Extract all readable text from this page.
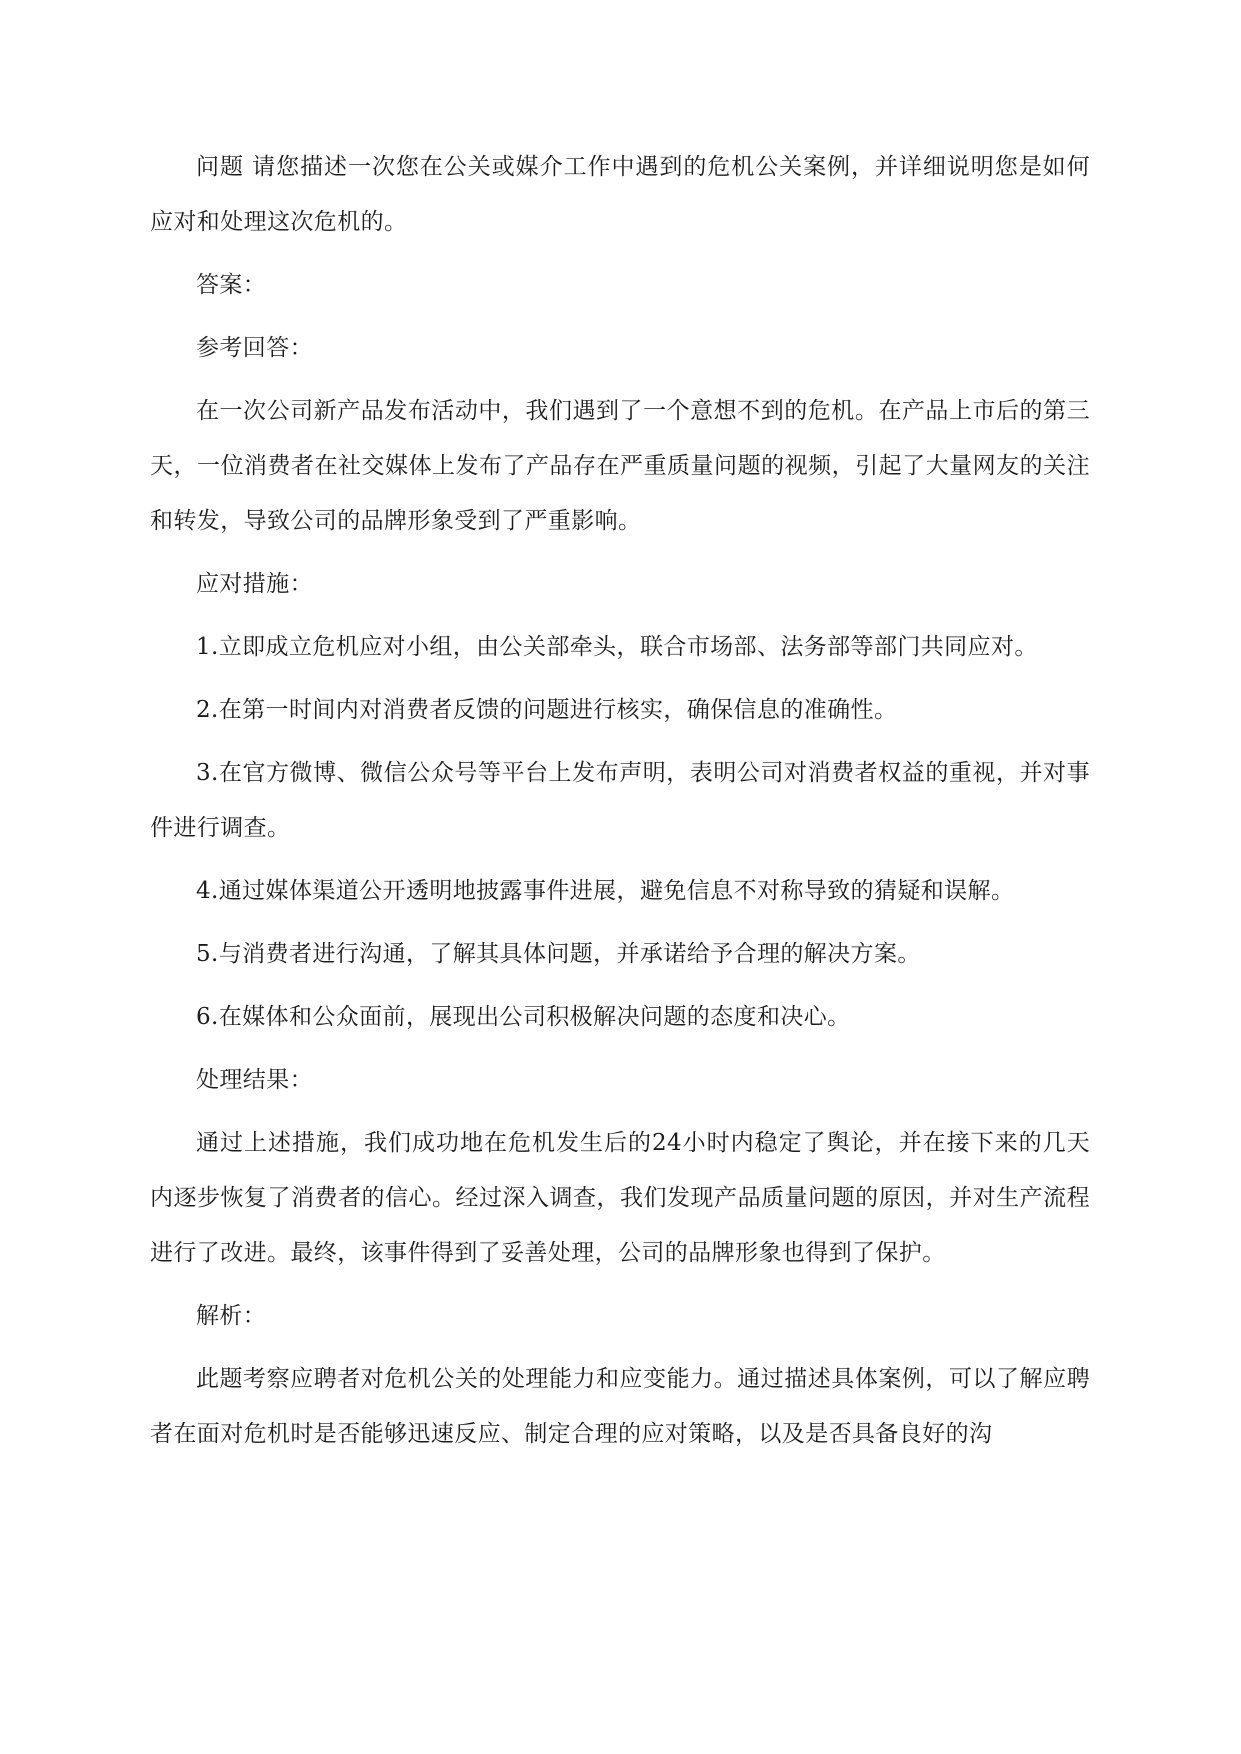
问题 请您描述一次您在公关或媒介工作中遇到的危机公关案例，并详细说明您是如何应对和处理这次危机的。

答案：

参考回答：

在一次公司新产品发布活动中，我们遇到了一个意想不到的危机。在产品上市后的第三天，一位消费者在社交媒体上发布了产品存在严重质量问题的视频，引起了大量网友的关注和转发，导致公司的品牌形象受到了严重影响。

应对措施：

1.立即成立危机应对小组，由公关部牵头，联合市场部、法务部等部门共同应对。

2.在第一时间内对消费者反馈的问题进行核实，确保信息的准确性。

3.在官方微博、微信公众号等平台上发布声明，表明公司对消费者权益的重视，并对事件进行调查。

4.通过媒体渠道公开透明地披露事件进展，避免信息不对称导致的猜疑和误解。

5.与消费者进行沟通，了解其具体问题，并承诺给予合理的解决方案。

6.在媒体和公众面前，展现出公司积极解决问题的态度和决心。

处理结果：

通过上述措施，我们成功地在危机发生后的24小时内稳定了舆论，并在接下来的几天内逐步恢复了消费者的信心。经过深入调查，我们发现产品质量问题的原因，并对生产流程进行了改进。最终，该事件得到了妥善处理，公司的品牌形象也得到了保护。

解析：

此题考察应聘者对危机公关的处理能力和应变能力。通过描述具体案例，可以了解应聘者在面对危机时是否能够迅速反应、制定合理的应对策略，以及是否具备良好的沟
